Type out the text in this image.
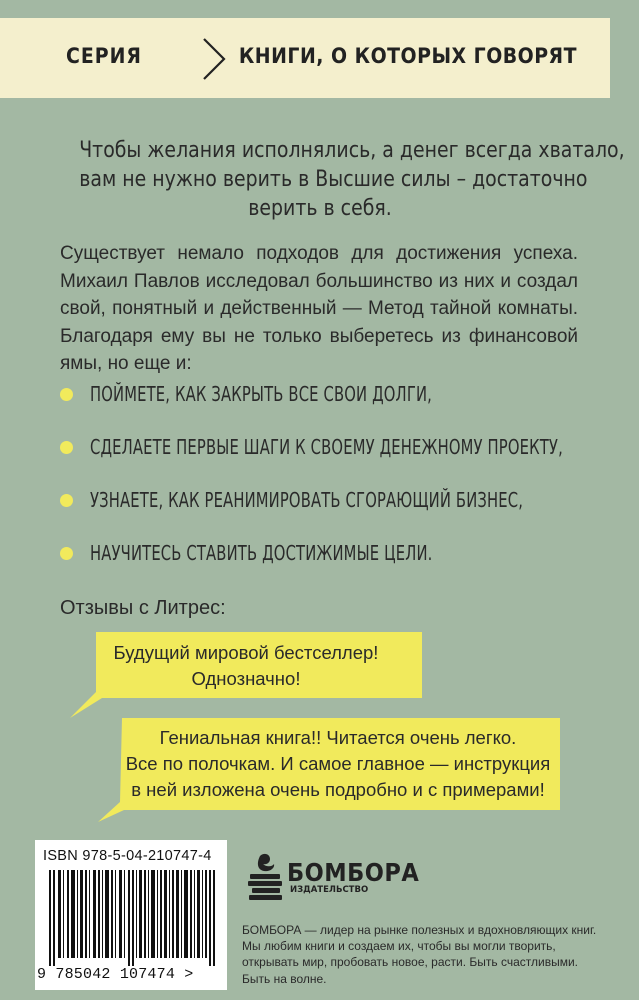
СЕРИЯ	КНИГИ, О КОТОРЫХ ГОВОРЯТ
Чтобы желания исполнялись, а денег всегда хватало,
вам не нужно верить в Высшие силы – достаточно
верить в себя.
Существует немало подходов для достижения успеха. Михаил Павлов исследовал большинство из них и создал свой, понятный и действенный — Метод тайной комнаты. Благодаря ему вы не только выберетесь из финансовой ямы, но еще и:
ПОЙМЕТЕ, КАК ЗАКРЫТЬ ВСЕ СВОИ ДОЛГИ,
СДЕЛАЕТЕ ПЕРВЫЕ ШАГИ К СВОЕМУ ДЕНЕЖНОМУ ПРОЕКТУ,
УЗНАЕТЕ, КАК РЕАНИМИРОВАТЬ СГОРАЮЩИЙ БИЗНЕС,
НАУЧИТЕСЬ СТАВИТЬ ДОСТИЖИМЫЕ ЦЕЛИ.
Отзывы с Литрес:
Будущий мировой бестселлер!
Однозначно!
Гениальная книга!! Читается очень легко.
Все по полочкам. И самое главное — инструкция
в ней изложена очень подробно и с примерами!
ISBN 978-5-04-210747-4
9 785042 107474 >
БОМБОРА
ИЗДАТЕЛЬСТВО
БОМБОРА — лидер на рынке полезных и вдохновляющих книг. Мы любим книги и создаем их, чтобы вы могли творить, открывать мир, пробовать новое, расти. Быть счастливыми. Быть на волне.
